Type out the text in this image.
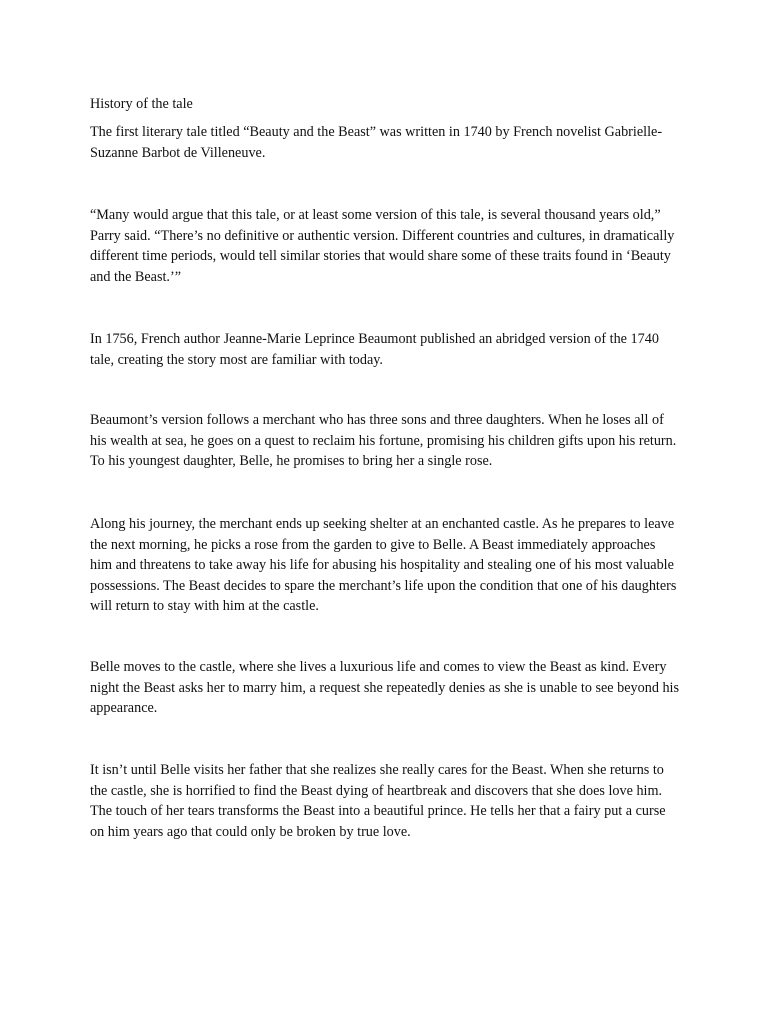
History of the tale

The first literary tale titled “Beauty and the Beast” was written in 1740 by French novelist Gabrielle-Suzanne Barbot de Villeneuve.

“Many would argue that this tale, or at least some version of this tale, is several thousand years old,” Parry said. “There’s no definitive or authentic version. Different countries and cultures, in dramatically different time periods, would tell similar stories that would share some of these traits found in ‘Beauty and the Beast.’”

In 1756, French author Jeanne-Marie Leprince Beaumont published an abridged version of the 1740 tale, creating the story most are familiar with today.

Beaumont’s version follows a merchant who has three sons and three daughters. When he loses all of his wealth at sea, he goes on a quest to reclaim his fortune, promising his children gifts upon his return. To his youngest daughter, Belle, he promises to bring her a single rose.

Along his journey, the merchant ends up seeking shelter at an enchanted castle. As he prepares to leave the next morning, he picks a rose from the garden to give to Belle. A Beast immediately approaches him and threatens to take away his life for abusing his hospitality and stealing one of his most valuable possessions. The Beast decides to spare the merchant’s life upon the condition that one of his daughters will return to stay with him at the castle.

Belle moves to the castle, where she lives a luxurious life and comes to view the Beast as kind. Every night the Beast asks her to marry him, a request she repeatedly denies as she is unable to see beyond his appearance.

It isn’t until Belle visits her father that she realizes she really cares for the Beast. When she returns to the castle, she is horrified to find the Beast dying of heartbreak and discovers that she does love him. The touch of her tears transforms the Beast into a beautiful prince. He tells her that a fairy put a curse on him years ago that could only be broken by true love.
